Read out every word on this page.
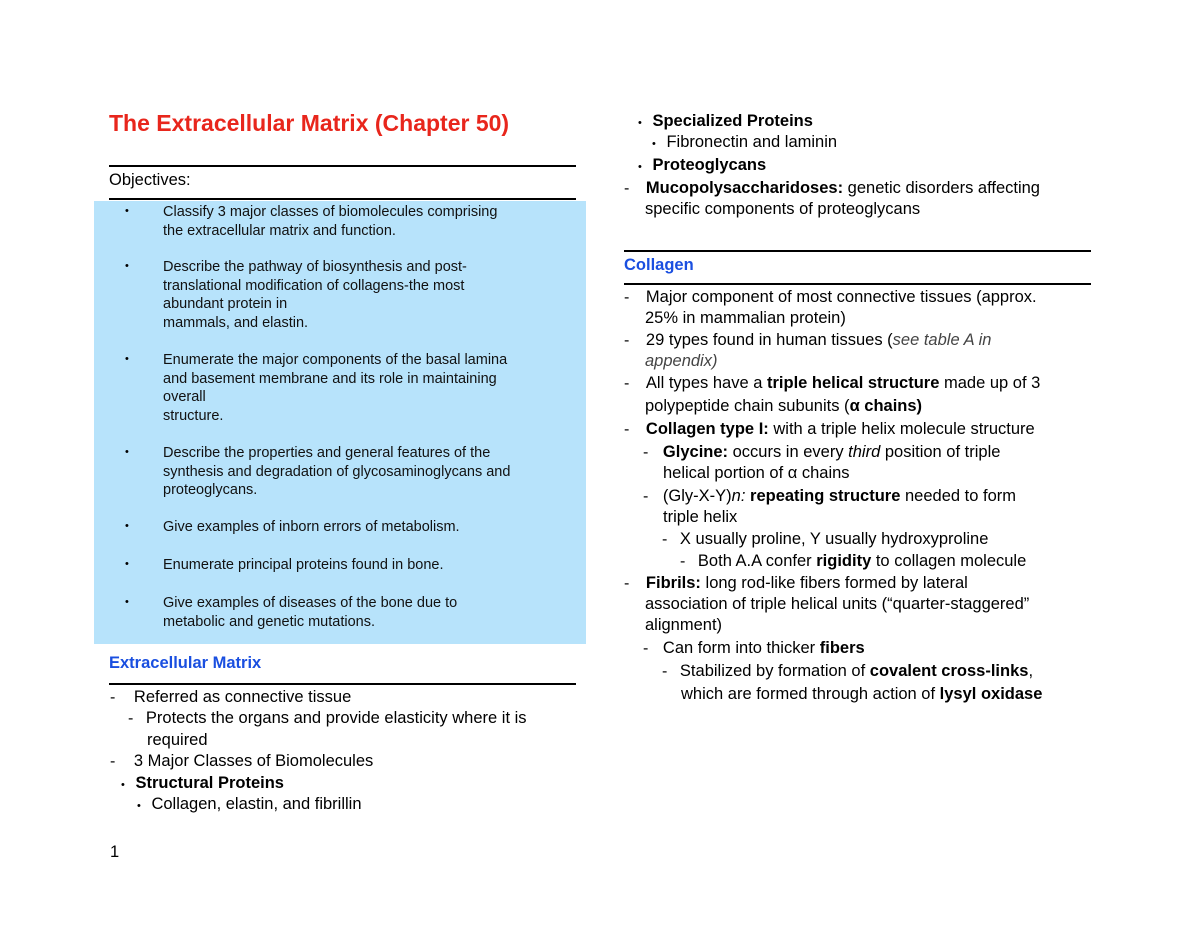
The Extracellular Matrix (Chapter 50)
Objectives:
Classify 3 major classes of biomolecules comprising
the extracellular matrix and function.
Describe the pathway of biosynthesis and post-
translational modification of collagens-the most
abundant protein in
mammals, and elastin.
Enumerate the major components of the basal lamina
and basement membrane and its role in maintaining
overall
structure.
Describe the properties and general features of the
synthesis and degradation of glycosaminoglycans and
proteoglycans.
Give examples of inborn errors of metabolism.
Enumerate principal proteins found in bone.
Give examples of diseases of the bone due to
metabolic and genetic mutations.
•
•
•
•
•
•
•
Extracellular Matrix
- Referred as connective tissue
- Protects the organs and provide elasticity where it is
required
- 3 Major Classes of Biomolecules
• Structural Proteins
• Collagen, elastin, and fibrillin
1
• Specialized Proteins
• Fibronectin and laminin
• Proteoglycans
- Mucopolysaccharidoses: genetic disorders affecting
specific components of proteoglycans
Collagen
- Major component of most connective tissues (approx.
25% in mammalian protein)
- 29 types found in human tissues (see table A in
appendix)
- All types have a triple helical structure made up of 3
polypeptide chain subunits (α chains)
- Collagen type I: with a triple helix molecule structure
- Glycine: occurs in every third position of triple
helical portion of α chains
- (Gly-X-Y)n: repeating structure needed to form
triple helix
- X usually proline, Y usually hydroxyproline
- Both A.A confer rigidity to collagen molecule
- Fibrils: long rod-like fibers formed by lateral
association of triple helical units (“quarter-staggered”
alignment)
- Can form into thicker fibers
- Stabilized by formation of covalent cross-links,
which are formed through action of lysyl oxidase
